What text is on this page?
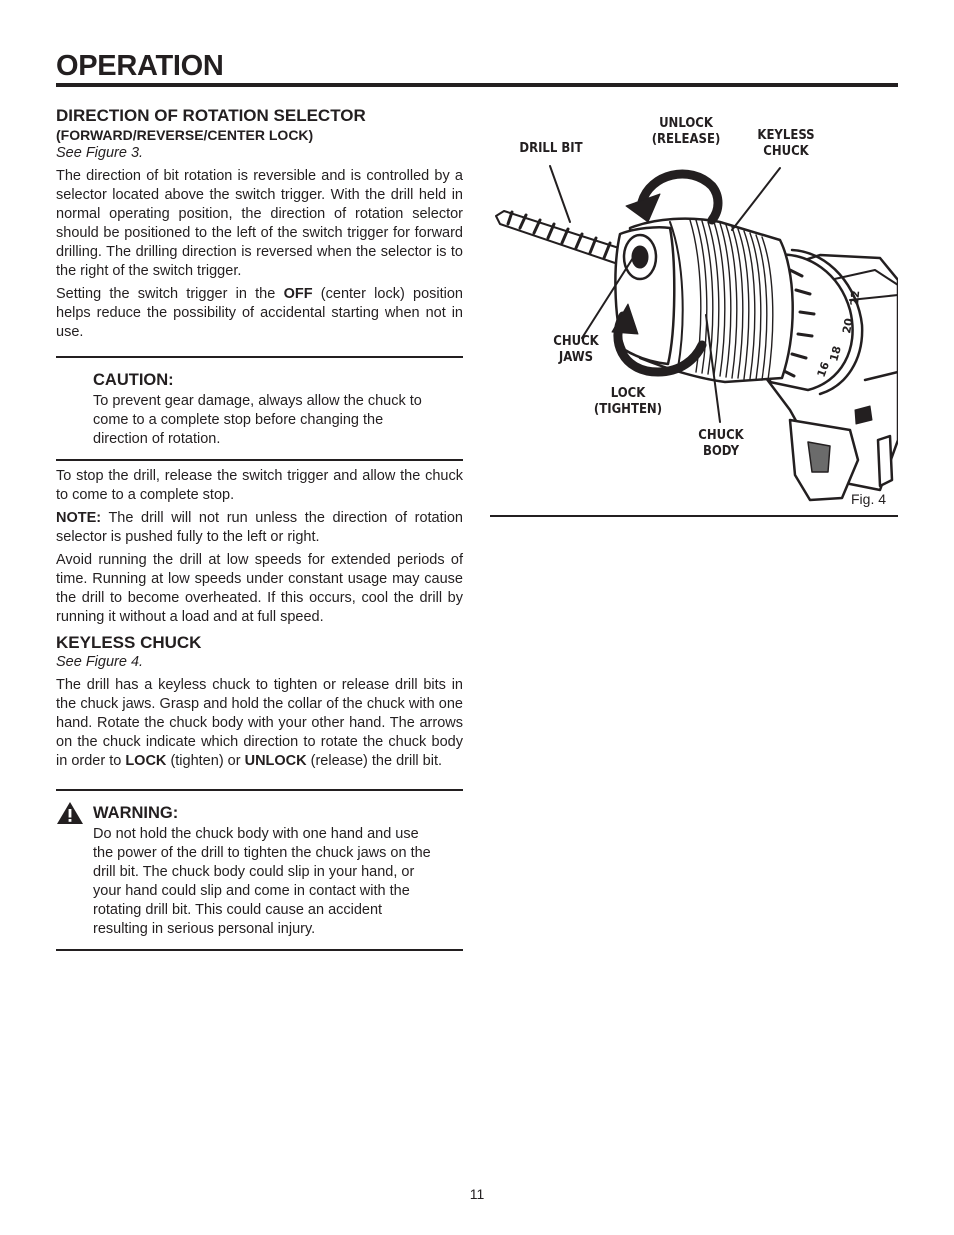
OPERATION
DIRECTION OF ROTATION SELECTOR
(FORWARD/REVERSE/CENTER LOCK)

See Figure 3.

The direction of bit rotation is reversible and is controlled by a selector located above the switch trigger. With the drill held in normal operating position, the direction of rotation selector should be positioned to the left of the switch trigger for forward drilling. The drilling direction is reversed when the selector is to the right of the switch trigger.

Setting the switch trigger in the OFF (center lock) position helps reduce the possibility of accidental starting when not in use.

CAUTION:

To prevent gear damage, always allow the chuck to come to a complete stop before changing the direction of rotation.

To stop the drill, release the switch trigger and allow the chuck to come to a complete stop.

NOTE: The drill will not run unless the direction of rotation selector is pushed fully to the left or right.

Avoid running the drill at low speeds for extended periods of time. Running at low speeds under constant usage may cause the drill to become overheated. If this occurs, cool the drill by running it without a load and at full speed.

KEYLESS CHUCK

See Figure 4.

The drill has a keyless chuck to tighten or release drill bits in the chuck jaws. Grasp and hold the collar of the chuck with one hand. Rotate the chuck body with your other hand. The arrows on the chuck indicate which direction to rotate the chuck body in order to LOCK (tighten) or UNLOCK (release) the drill bit.

WARNING:

Do not hold the chuck body with one hand and use the power of the drill to tighten the chuck jaws on the drill bit. The chuck body could slip in your hand, or your hand could slip and come in contact with the rotating drill bit. This could cause an accident resulting in serious personal injury.

16
18
20
22
DRILL BIT
UNLOCK
(RELEASE)	KEYLESS
CHUCK
CHUCK
JAWS
LOCK
(TIGHTEN)
CHUCK
BODY
Fig. 4
11
